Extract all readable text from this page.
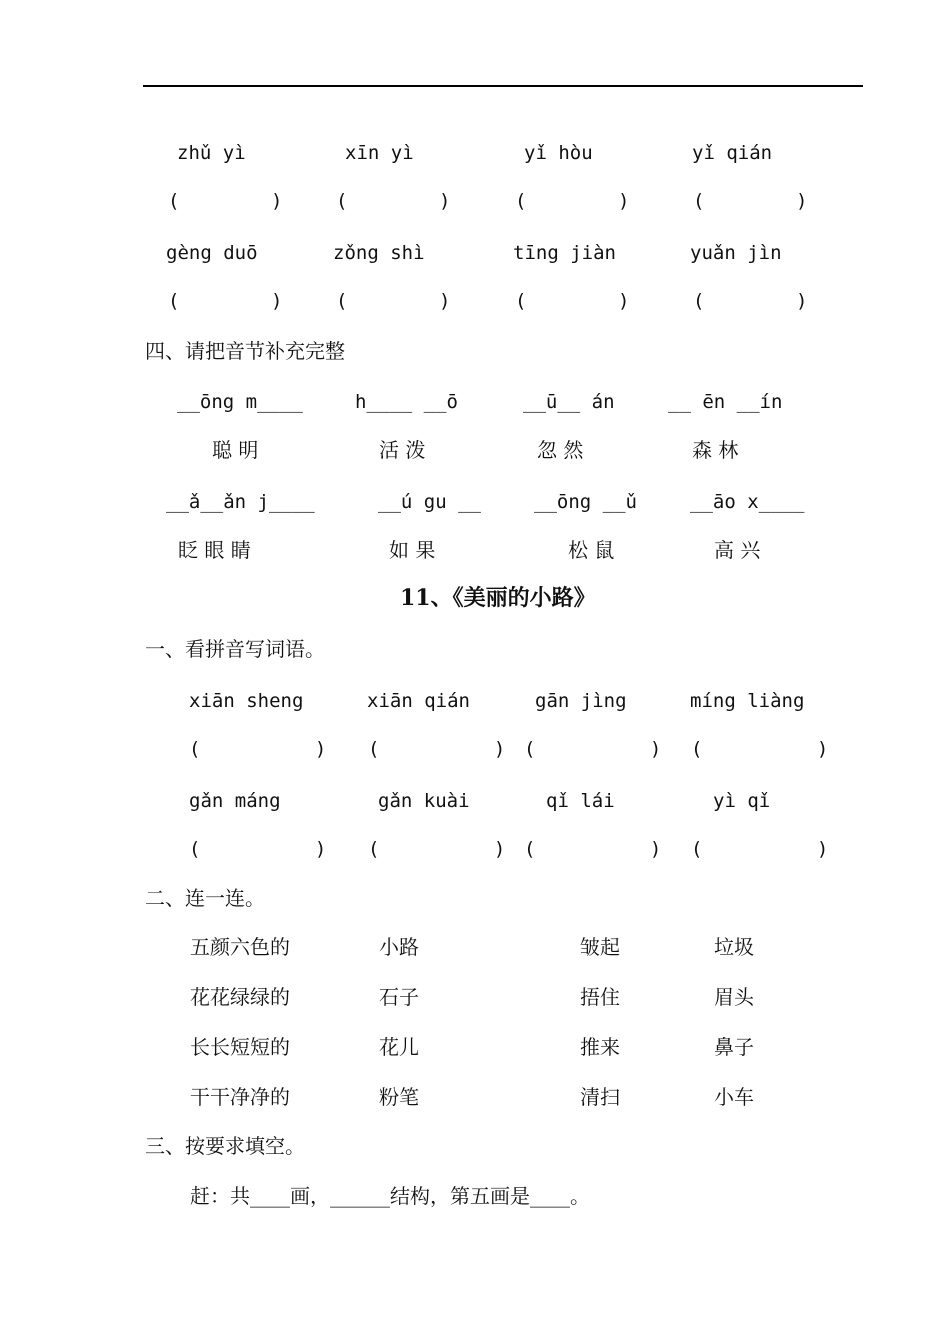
zhǔ yì	xīn yì	yǐ hòu	yǐ qián
(        )	(        )	(        )	(        )
gèng duō	zǒng shì	tīng jiàn	yuǎn jìn
(        )	(        )	(        )	(        )
四、请把音节补充完整
__ōng m____	h____ __ō	__ū__ án	__ ēn __ín
聪 明	活 泼	忽 然	森 林
__ǎ__ǎn j____	__ú gu __	__ōng __ǔ	__āo x____
眨 眼 睛	如 果	松 鼠	高 兴
11、《美丽的小路》
一、看拼音写词语。
xiān sheng	xiān qián	gān jìng	míng liàng
(          ) (          ) (          ) (          )
gǎn máng	gǎn kuài	qǐ lái	yì qǐ
(          ) (          ) (          ) (          )
二、连一连。
五颜六色的	小路	皱起	垃圾
花花绿绿的	石子	捂住	眉头
长长短短的	花儿	推来	鼻子
干干净净的	粉笔	清扫	小车
三、按要求填空。
赶：共____画，______结构，第五画是____。
